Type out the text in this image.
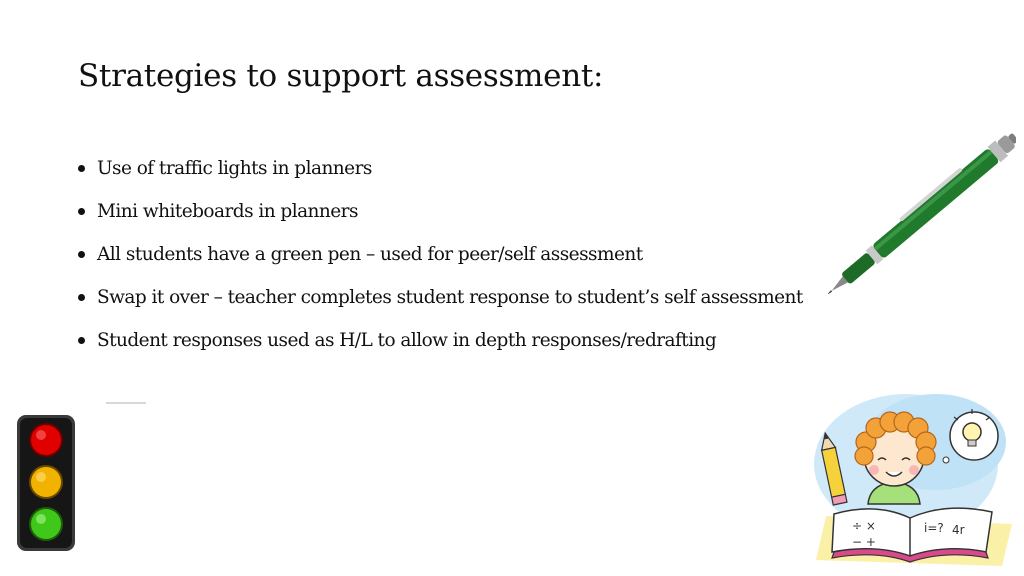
Strategies to support assessment:
Use of traffic lights in planners
Mini whiteboards in planners
All students have a green pen – used for peer/self assessment
Swap it over – teacher completes student response to student’s self assessment
Student responses used as H/L to allow in depth responses/redrafting
÷ ×
− +
i=? 4r
